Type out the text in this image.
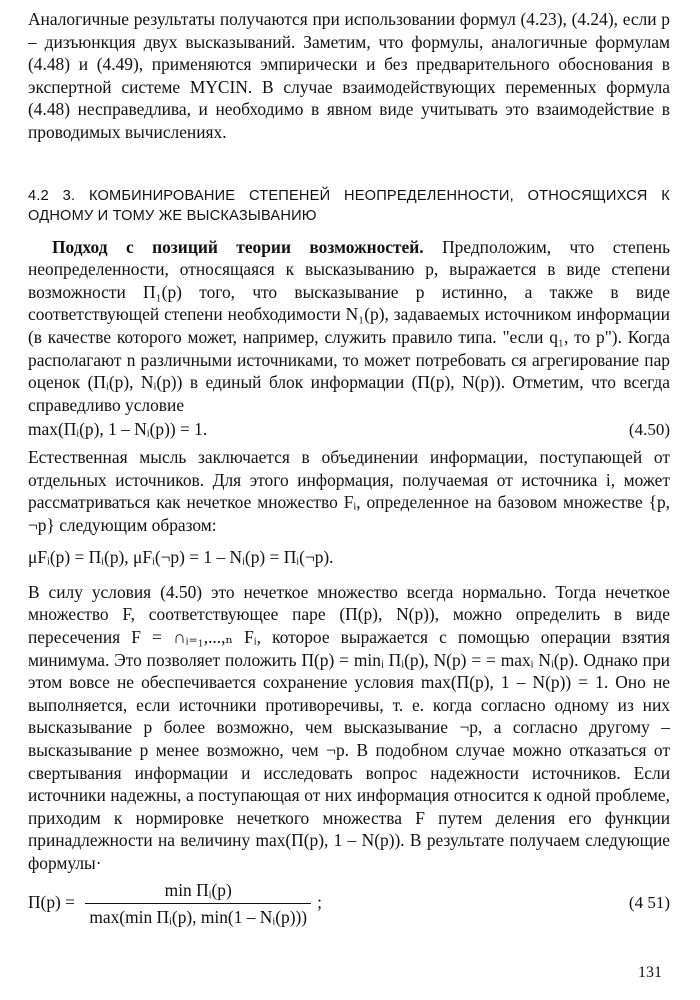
Аналогичные результаты получаются при использовании формул (4.23), (4.24), если p – дизъюнкция двух высказываний. Заметим, что формулы, аналогичные формулам (4.48) и (4.49), применяются эмпирически и без предварительного обоснования в экспертной системе MYCIN. В случае взаимодействующих переменных формула (4.48) несправедлива, и необходимо в явном виде учитывать это взаимодействие в проводимых вычислениях.

4.2 3. КОМБИНИРОВАНИЕ СТЕПЕНЕЙ НЕОПРЕДЕЛЕННОСТИ, ОТНОСЯЩИХСЯ К ОДНОМУ И ТОМУ ЖЕ ВЫСКАЗЫВАНИЮ

Подход с позиций теории возможностей. Предположим, что степень неопределенности, относящаяся к высказыванию p, выражается в виде степени возможности Π₁(p) того, что высказывание p истинно, а также в виде соответствующей степени необходимости N₁(p), задаваемых источником информации (в качестве которого может, например, служить правило типа. "если q₁, то p"). Когда располагают n различными источниками, то может потребовать ся агрегирование пар оценок (Πᵢ(p), Nᵢ(p)) в единый блок информации (Π(p), N(p)). Отметим, что всегда справедливо условие

max(Πᵢ(p), 1 – Nᵢ(p)) = 1.	(4.50)

Естественная мысль заключается в объединении информации, поступающей от отдельных источников. Для этого информация, получаемая от источника i, может рассматриваться как нечеткое множество Fᵢ, определенное на базовом множестве {p, ¬p} следующим образом:

μFᵢ(p) = Πᵢ(p), μFᵢ(¬p) = 1 – Nᵢ(p) = Πᵢ(¬p).

В силу условия (4.50) это нечеткое множество всегда нормально. Тогда нечеткое множество F, соответствующее паре (Π(p), N(p)), можно определить в виде пересечения F = ∩ᵢ₌₁,...,ₙ Fᵢ, которое выражается с помощью операции взятия минимума. Это позволяет положить Π(p) = minᵢ Πᵢ(p), N(p) = = maxᵢ Nᵢ(p). Однако при этом вовсе не обеспечивается сохранение условия max(Π(p), 1 – N(p)) = 1. Оно не выполняется, если источники противоречивы, т. е. когда согласно одному из них высказывание p более возможно, чем высказывание ¬p, а согласно другому – высказывание p менее возможно, чем ¬p. В подобном случае можно отказаться от свертывания информации и исследовать вопрос надежности источников. Если источники надежны, а поступающая от них информация относится к одной проблеме, приходим к нормировке нечеткого множества F путем деления его функции принадлежности на величину max(Π(p), 1 – N(p)). В результате получаем следующие формулы·

$\Pi(p) = \frac{\text{min Πᵢ(p)}}{\text{max(min Πᵢ(p), min(1 – Nᵢ(p)))}}$ ;	(4 51)
131
